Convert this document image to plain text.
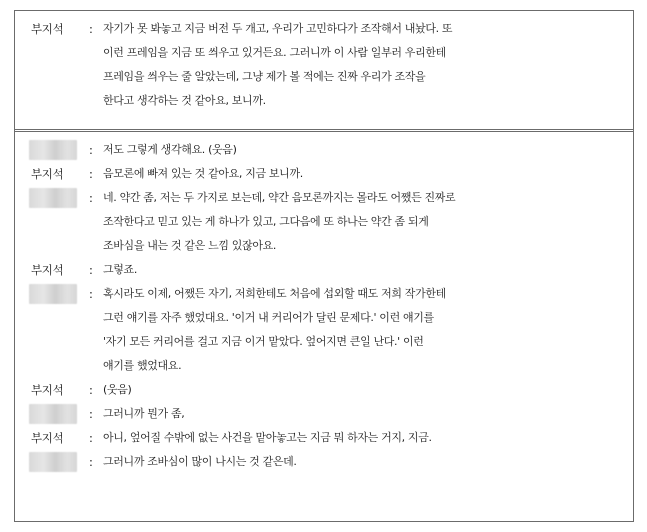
부지석	: 자기가 못 봐놓고 지금 버전 두 개고, 우리가 고민하다가 조작해서 내놨다. 또
이런 프레임을 지금 또 씌우고 있거든요. 그러니까 이 사람 일부러 우리한테
프레임을 씌우는 줄 알았는데, 그냥 제가 볼 적에는 진짜 우리가 조작을
한다고 생각하는 것 같아요, 보니까.
: 저도 그렇게 생각해요. (웃음)
부지석	: 음모론에 빠져 있는 것 같아요, 지금 보니까.
: 네. 약간 좀, 저는 두 가지로 보는데, 약간 음모론까지는 몰라도 어쨌든 진짜로
조작한다고 믿고 있는 게 하나가 있고, 그다음에 또 하나는 약간 좀 되게
조바심을 내는 것 같은 느낌 있잖아요.
부지석	: 그렇죠.
: 혹시라도 이제, 어쨌든 자기, 저희한테도 처음에 섭외할 때도 저희 작가한테
그런 얘기를 자주 했었대요. '이거 내 커리어가 달린 문제다.' 이런 얘기를
'자기 모든 커리어를 걸고 지금 이거 맡았다. 엎어지면 큰일 난다.' 이런
얘기를 했었대요.
부지석	: (웃음)
: 그러니까 뭔가 좀,
부지석	: 아니, 엎어질 수밖에 없는 사건을 맡아놓고는 지금 뭐 하자는 거지, 지금.
: 그러니까 조바심이 많이 나시는 것 같은데.
